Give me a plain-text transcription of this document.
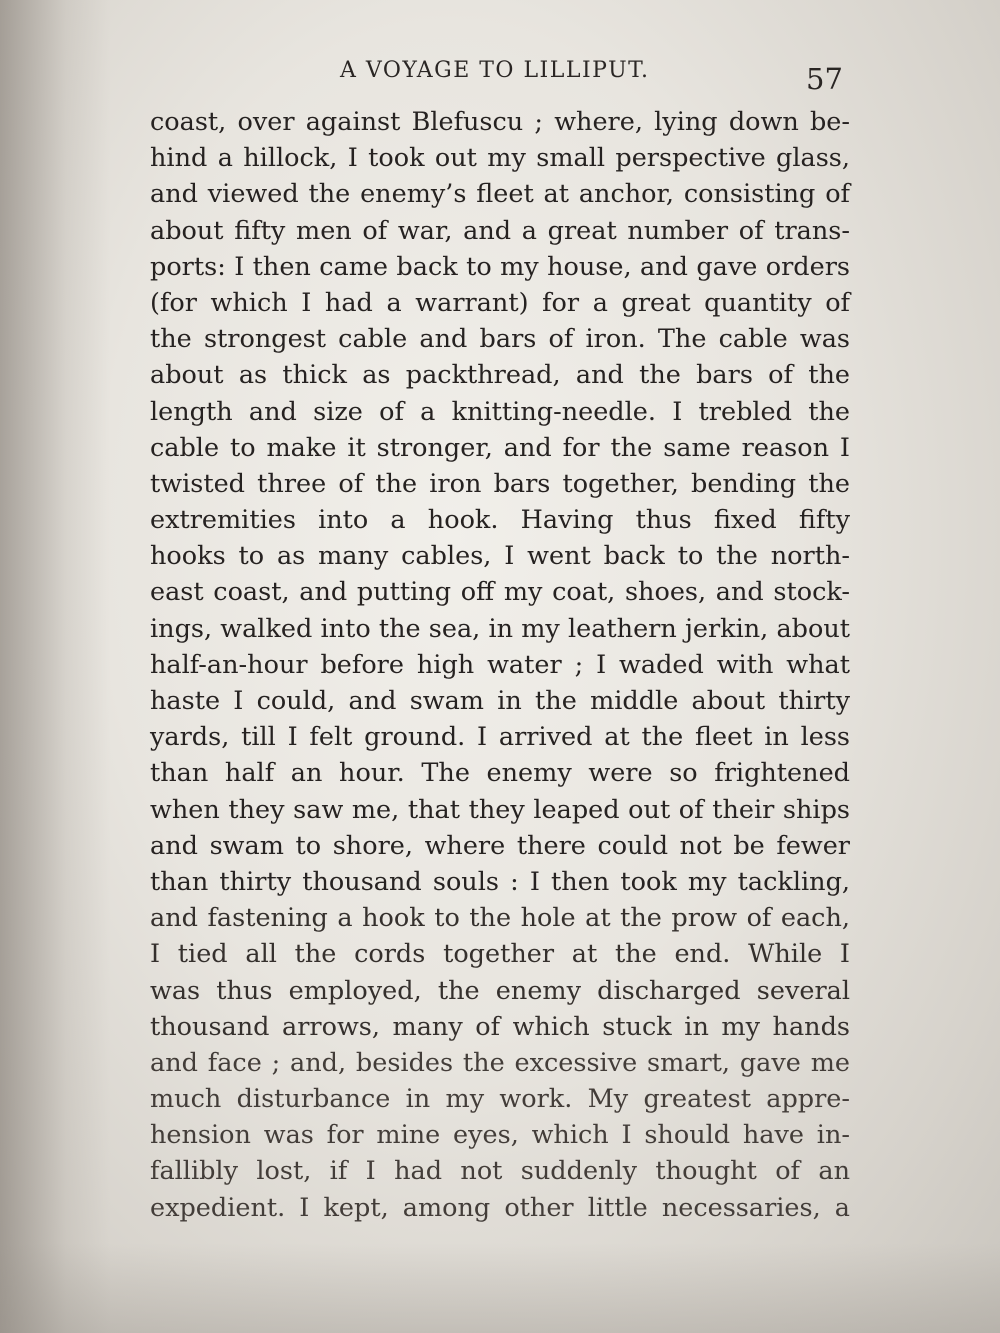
A VOYAGE TO LILLIPUT.	57
coast, over against Blefuscu ; where, lying down be-
hind a hillock, I took out my small perspective glass,
and viewed the enemy’s fleet at anchor, consisting of
about fifty men of war, and a great number of trans-
ports: I then came back to my house, and gave orders
(for which I had a warrant) for a great quantity of
the strongest cable and bars of iron. The cable was
about as thick as packthread, and the bars of the
length and size of a knitting-needle. I trebled the
cable to make it stronger, and for the same reason I
twisted three of the iron bars together, bending the
extremities into a hook. Having thus fixed fifty
hooks to as many cables, I went back to the north-
east coast, and putting off my coat, shoes, and stock-
ings, walked into the sea, in my leathern jerkin, about
half-an-hour before high water ; I waded with what
haste I could, and swam in the middle about thirty
yards, till I felt ground. I arrived at the fleet in less
than half an hour. The enemy were so frightened
when they saw me, that they leaped out of their ships
and swam to shore, where there could not be fewer
than thirty thousand souls : I then took my tackling,
and fastening a hook to the hole at the prow of each,
I tied all the cords together at the end. While I
was thus employed, the enemy discharged several
thousand arrows, many of which stuck in my hands
and face ; and, besides the excessive smart, gave me
much disturbance in my work. My greatest appre-
hension was for mine eyes, which I should have in-
fallibly lost, if I had not suddenly thought of an
expedient. I kept, among other little necessaries, a
